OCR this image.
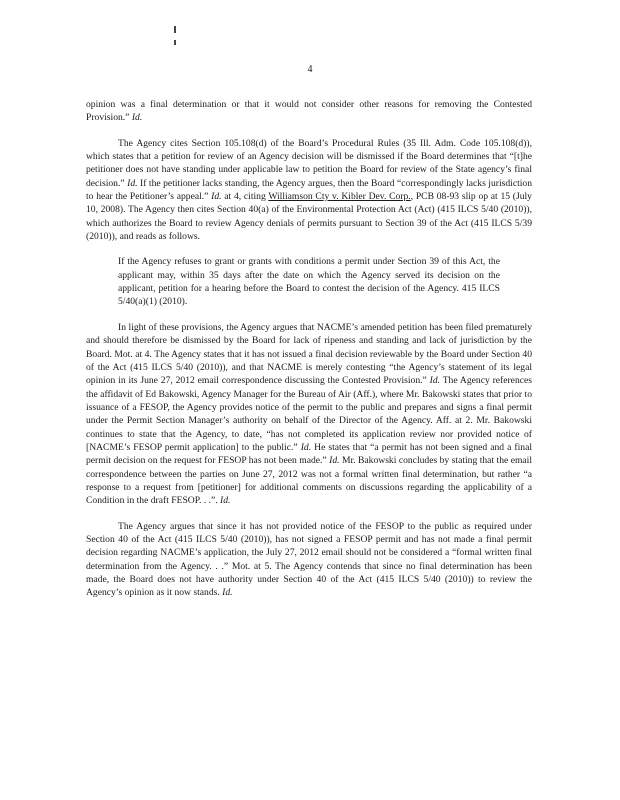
4

opinion was a final determination or that it would not consider other reasons for removing the Contested Provision.” Id.

The Agency cites Section 105.108(d) of the Board’s Procedural Rules (35 Ill. Adm. Code 105.108(d)), which states that a petition for review of an Agency decision will be dismissed if the Board determines that “[t]he petitioner does not have standing under applicable law to petition the Board for review of the State agency’s final decision.” Id. If the petitioner lacks standing, the Agency argues, then the Board “correspondingly lacks jurisdiction to hear the Petitioner’s appeal.” Id. at 4, citing Williamson Cty v. Kibler Dev. Corp., PCB 08-93 slip op at 15 (July 10, 2008). The Agency then cites Section 40(a) of the Environmental Protection Act (Act) (415 ILCS 5/40 (2010)), which authorizes the Board to review Agency denials of permits pursuant to Section 39 of the Act (415 ILCS 5/39 (2010)), and reads as follows.

If the Agency refuses to grant or grants with conditions a permit under Section 39 of this Act, the applicant may, within 35 days after the date on which the Agency served its decision on the applicant, petition for a hearing before the Board to contest the decision of the Agency. 415 ILCS 5/40(a)(1) (2010).

In light of these provisions, the Agency argues that NACME’s amended petition has been filed prematurely and should therefore be dismissed by the Board for lack of ripeness and standing and lack of jurisdiction by the Board. Mot. at 4. The Agency states that it has not issued a final decision reviewable by the Board under Section 40 of the Act (415 ILCS 5/40 (2010)), and that NACME is merely contesting “the Agency’s statement of its legal opinion in its June 27, 2012 email correspondence discussing the Contested Provision.” Id. The Agency references the affidavit of Ed Bakowski, Agency Manager for the Bureau of Air (Aff.), where Mr. Bakowski states that prior to issuance of a FESOP, the Agency provides notice of the permit to the public and prepares and signs a final permit under the Permit Section Manager’s authority on behalf of the Director of the Agency. Aff. at 2. Mr. Bakowski continues to state that the Agency, to date, “has not completed its application review nor provided notice of [NACME’s FESOP permit application] to the public.” Id. He states that “a permit has not been signed and a final permit decision on the request for FESOP has not been made.” Id. Mr. Bakowski concludes by stating that the email correspondence between the parties on June 27, 2012 was not a formal written final determination, but rather “a response to a request from [petitioner] for additional comments on discussions regarding the applicability of a Condition in the draft FESOP. . .”. Id.

The Agency argues that since it has not provided notice of the FESOP to the public as required under Section 40 of the Act (415 ILCS 5/40 (2010)), has not signed a FESOP permit and has not made a final permit decision regarding NACME’s application, the July 27, 2012 email should not be considered a “formal written final determination from the Agency. . .” Mot. at 5. The Agency contends that since no final determination has been made, the Board does not have authority under Section 40 of the Act (415 ILCS 5/40 (2010)) to review the Agency’s opinion as it now stands. Id.
